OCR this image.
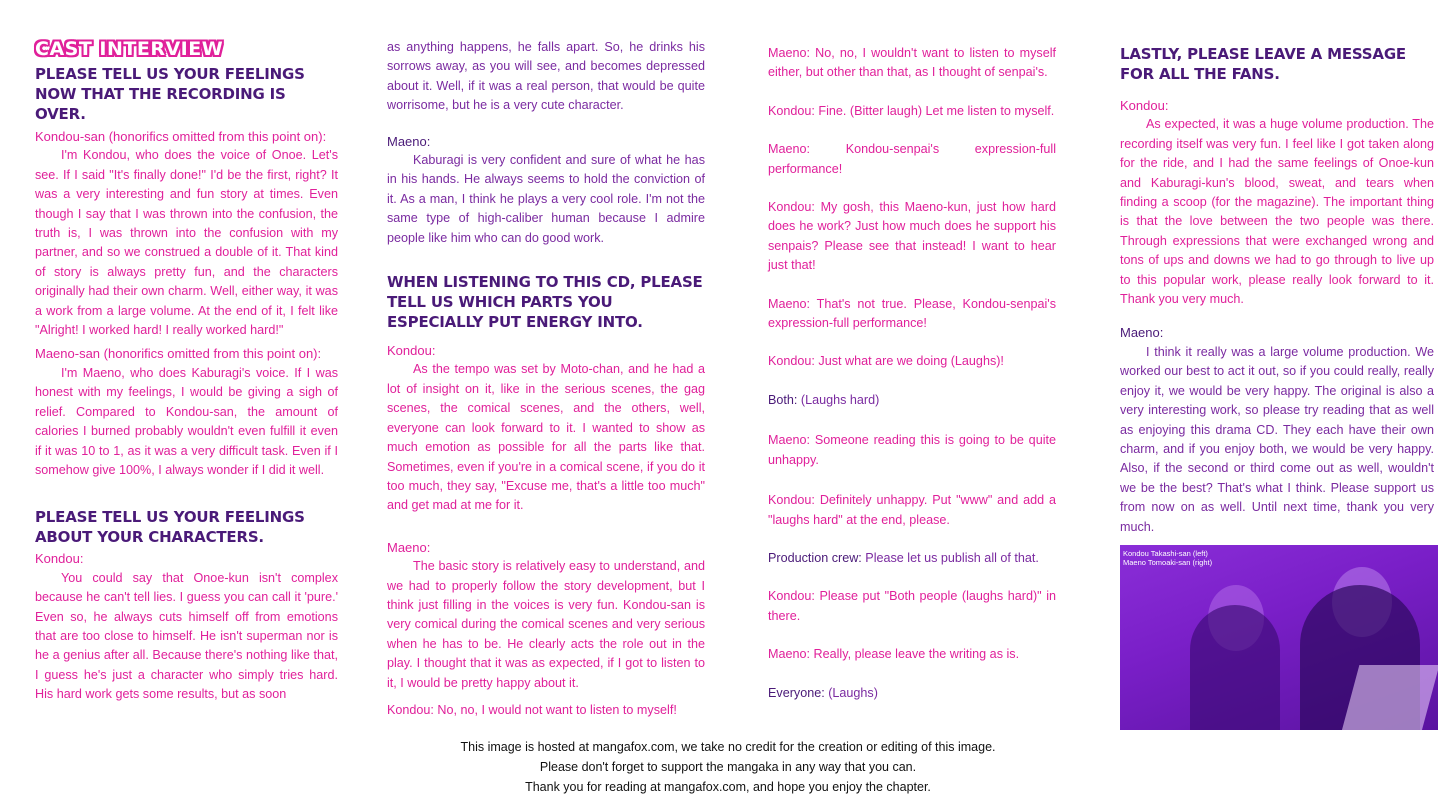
CAST INTERVIEW
PLEASE TELL US YOUR FEELINGS NOW THAT THE RECORDING IS OVER.
Kondou-san (honorifics omitted from this point on):

I'm Kondou, who does the voice of Onoe. Let's see. If I said "It's finally done!" I'd be the first, right? It was a very interesting and fun story at times. Even though I say that I was thrown into the confusion, the truth is, I was thrown into the confusion with my partner, and so we construed a double of it. That kind of story is always pretty fun, and the characters originally had their own charm. Well, either way, it was a work from a large volume. At the end of it, I felt like "Alright! I worked hard! I really worked hard!"

Maeno-san (honorifics omitted from this point on):

I'm Maeno, who does Kaburagi's voice. If I was honest with my feelings, I would be giving a sigh of relief. Compared to Kondou-san, the amount of calories I burned probably wouldn't even fulfill it even if it was 10 to 1, as it was a very difficult task. Even if I somehow give 100%, I always wonder if I did it well.

PLEASE TELL US YOUR FEELINGS ABOUT YOUR CHARACTERS.
Kondou:

You could say that Onoe-kun isn't complex because he can't tell lies. I guess you can call it 'pure.' Even so, he always cuts himself off from emotions that are too close to himself. He isn't superman nor is he a genius after all. Because there's nothing like that, I guess he's just a character who simply tries hard. His hard work gets some results, but as soon

as anything happens, he falls apart. So, he drinks his sorrows away, as you will see, and becomes depressed about it. Well, if it was a real person, that would be quite worrisome, but he is a very cute character.

Maeno:

Kaburagi is very confident and sure of what he has in his hands. He always seems to hold the conviction of it. As a man, I think he plays a very cool role. I'm not the same type of high-caliber human because I admire people like him who can do good work.

WHEN LISTENING TO THIS CD, PLEASE TELL US WHICH PARTS YOU ESPECIALLY PUT ENERGY INTO.
Kondou:

As the tempo was set by Moto-chan, and he had a lot of insight on it, like in the serious scenes, the gag scenes, the comical scenes, and the others, well, everyone can look forward to it. I wanted to show as much emotion as possible for all the parts like that. Sometimes, even if you're in a comical scene, if you do it too much, they say, "Excuse me, that's a little too much" and get mad at me for it.

Maeno:

The basic story is relatively easy to understand, and we had to properly follow the story development, but I think just filling in the voices is very fun. Kondou-san is very comical during the comical scenes and very serious when he has to be. He clearly acts the role out in the play. I thought that it was as expected, if I got to listen to it, I would be pretty happy about it.

Kondou: No, no, I would not want to listen to myself!

Maeno: No, no, I wouldn't want to listen to myself either, but other than that, as I thought of senpai's.

Kondou: Fine. (Bitter laugh) Let me listen to myself.

Maeno:	Kondou-senpai's expression-full performance!

Kondou: My gosh, this Maeno-kun, just how hard does he work? Just how much does he support his senpais? Please see that instead! I want to hear just that!

Maeno: That's not true. Please, Kondou-senpai's expression-full performance!

Kondou: Just what are we doing (Laughs)!

Both: (Laughs hard)

Maeno: Someone reading this is going to be quite unhappy.

Kondou: Definitely unhappy. Put "www" and add a "laughs hard" at the end, please.

Production crew: Please let us publish all of that.

Kondou: Please put "Both people (laughs hard)" in there.

Maeno: Really, please leave the writing as is.

Everyone: (Laughs)

LASTLY, PLEASE LEAVE A MESSAGE FOR ALL THE FANS.
Kondou:

As expected, it was a huge volume production. The recording itself was very fun. I feel like I got taken along for the ride, and I had the same feelings of Onoe-kun and Kaburagi-kun's blood, sweat, and tears when finding a scoop (for the magazine). The important thing is that the love between the two people was there. Through expressions that were exchanged wrong and tons of ups and downs we had to go through to live up to this popular work, please really look forward to it. Thank you very much.

Maeno:

I think it really was a large volume production. We worked our best to act it out, so if you could really, really enjoy it, we would be very happy. The original is also a very interesting work, so please try reading that as well as enjoying this drama CD. They each have their own charm, and if you enjoy both, we would be very happy. Also, if the second or third come out as well, wouldn't we be the best? That's what I think. Please support us from now on as well. Until next time, thank you very much.

Kondou Takashi-san (left)
Maeno Tomoaki-san (right)
This image is hosted at mangafox.com, we take no credit for the creation or editing of this image.
Please don't forget to support the mangaka in any way that you can.
Thank you for reading at mangafox.com, and hope you enjoy the chapter.
